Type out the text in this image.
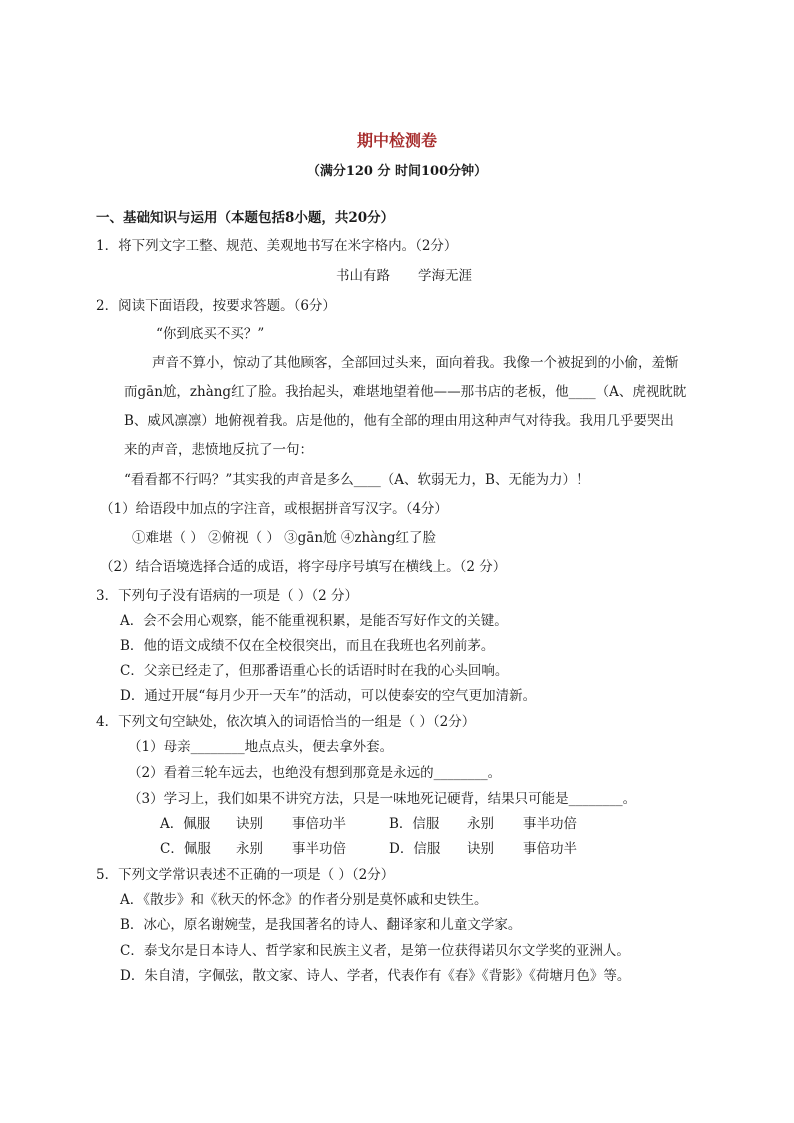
期中检测卷
（满分120 分 时间100分钟）
一、基础知识与运用（本题包括8小题，共20分）
1．将下列文字工整、规范、美观地书写在米字格内。（2分）
书山有路 学海无涯
2．阅读下面语段，按要求答题。（6分）
“你到底买不买？”
声音不算小，惊动了其他顾客，全部回过头来，面向着我。我像一个被捉到的小偷，羞惭
而gān尬，zhàng红了脸。我抬起头，难堪地望着他——那书店的老板，他____（A、虎视眈眈
B、威风凛凛）地俯视着我。店是他的，他有全部的理由用这种声气对待我。我用几乎要哭出
来的声音，悲愤地反抗了一句：
“看看都不行吗？”其实我的声音是多么____（A、软弱无力，B、无能为力）！
（1）给语段中加点的字注音，或根据拼音写汉字。（4分）
①难堪（ ） ②俯视（ ） ③gān尬 ④zhàng红了脸
（2）结合语境选择合适的成语，将字母序号填写在横线上。（2 分）
3．下列句子没有语病的一项是（ ）（2 分）
A．会不会用心观察，能不能重视积累，是能否写好作文的关键。
B．他的语文成绩不仅在全校很突出，而且在我班也名列前茅。
C．父亲已经走了，但那番语重心长的话语时时在我的心头回响。
D．通过开展“每月少开一天车”的活动，可以使泰安的空气更加清新。
4．下列文句空缺处，依次填入的词语恰当的一组是（ ）（2分）
（1）母亲________地点点头，便去拿外套。
（2）看着三轮车远去，也绝没有想到那竟是永远的________。
（3）学习上，我们如果不讲究方法，只是一味地死记硬背，结果只可能是________。
A．佩服 诀别 事倍功半	B．信服 永别 事半功倍
C．佩服 永别 事半功倍	D．信服 诀别 事倍功半
5．下列文学常识表述不正确的一项是（ ）（2分）
A．《散步》和《秋天的怀念》的作者分别是莫怀戚和史铁生。
B．冰心，原名谢婉莹，是我国著名的诗人、翻译家和儿童文学家。
C．泰戈尔是日本诗人、哲学家和民族主义者，是第一位获得诺贝尔文学奖的亚洲人。
D．朱自清，字佩弦，散文家、诗人、学者，代表作有《春》《背影》《荷塘月色》等。
